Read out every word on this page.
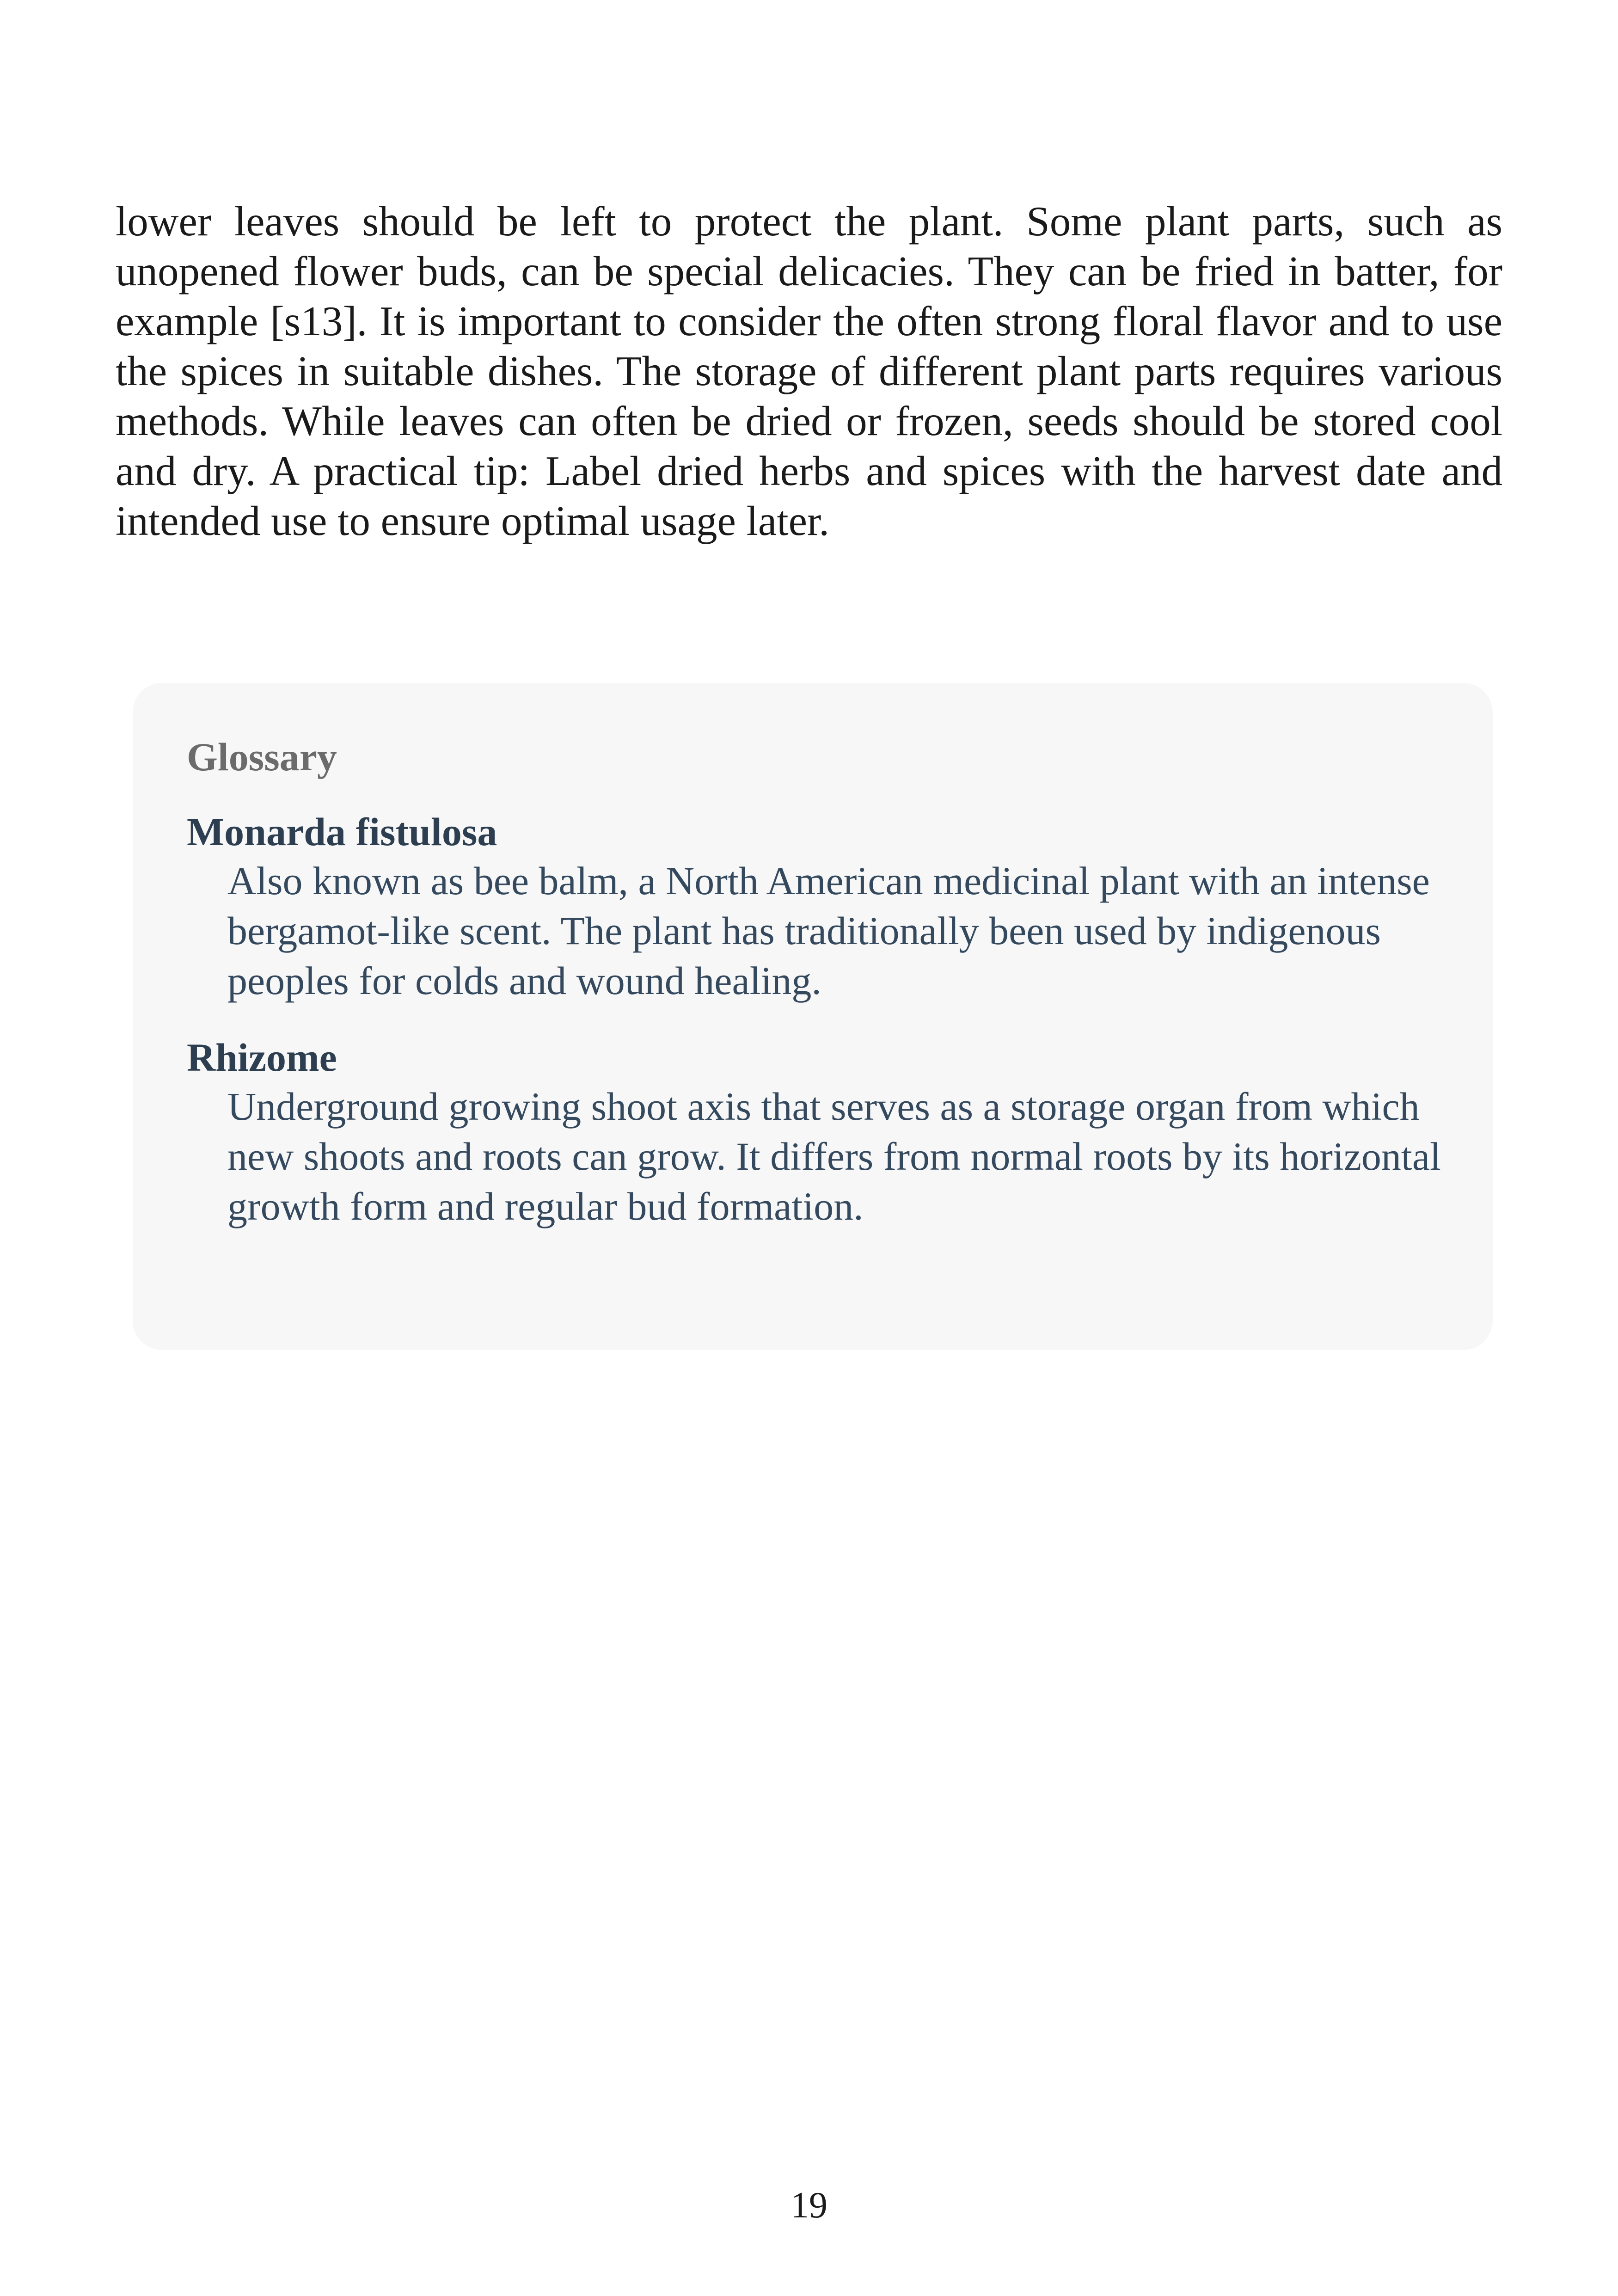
lower leaves should be left to protect the plant. Some plant parts, such as unopened flower buds, can be special delicacies. They can be fried in batter, for example [s13]. It is important to consider the often strong floral flavor and to use the spices in suitable dishes. The storage of different plant parts requires various methods. While leaves can often be dried or frozen, seeds should be stored cool and dry. A practical tip: Label dried herbs and spices with the harvest date and intended use to ensure optimal usage later.

Glossary
Monarda fistulosa
Also known as bee balm, a North American medicinal plant with an intense bergamot-like scent. The plant has traditionally been used by indigenous peoples for colds and wound healing.
Rhizome
Underground growing shoot axis that serves as a storage organ from which new shoots and roots can grow. It differs from normal roots by its horizontal growth form and regular bud formation.
19
